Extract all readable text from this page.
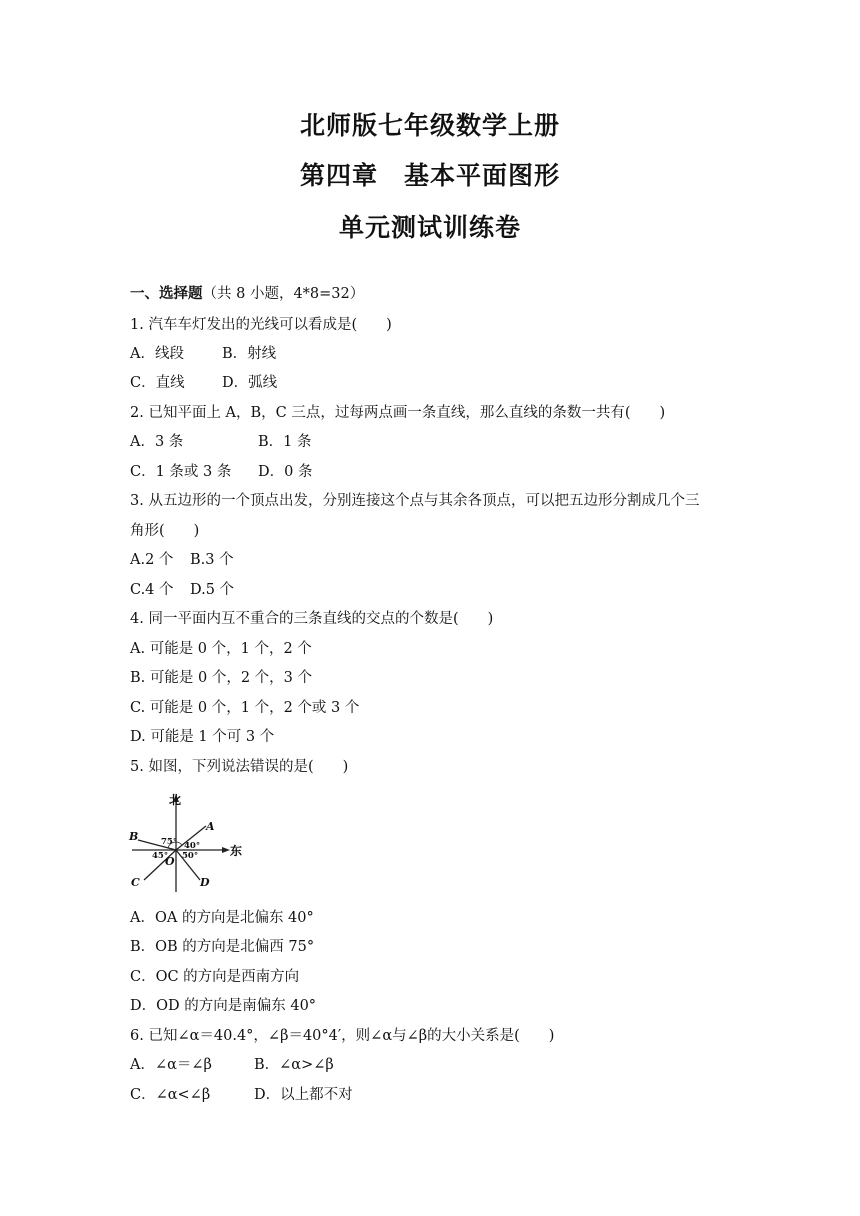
北师版七年级数学上册
第四章　基本平面图形
单元测试训练卷
一、选择题（共 8 小题，4*8=32）
1. 汽车车灯发出的光线可以看成是(　　)
A．线段	B．射线
C．直线	D．弧线
2. 已知平面上 A，B，C 三点，过每两点画一条直线，那么直线的条数一共有(　　)
A．3 条	B．1 条
C．1 条或 3 条 D．0 条
3. 从五边形的一个顶点出发，分别连接这个点与其余各顶点，可以把五边形分割成几个三
角形(　　)
A.2 个 B.3 个
C.4 个 D.5 个
4. 同一平面内互不重合的三条直线的交点的个数是(　　)
A. 可能是 0 个，1 个，2 个
B. 可能是 0 个，2 个，3 个
C. 可能是 0 个，1 个，2 个或 3 个
D. 可能是 1 个可 3 个
5. 如图，下列说法错误的是(　　)
北
东
A
B
C	D
O
75° 40°
45° 50°
A．OA 的方向是北偏东 40°
B．OB 的方向是北偏西 75°
C．OC 的方向是西南方向
D．OD 的方向是南偏东 40°
6. 已知∠α＝40.4°，∠β＝40°4′，则∠α与∠β的大小关系是(　　)
A．∠α＝∠β	B．∠α>∠β
C．∠α<∠β	D．以上都不对
